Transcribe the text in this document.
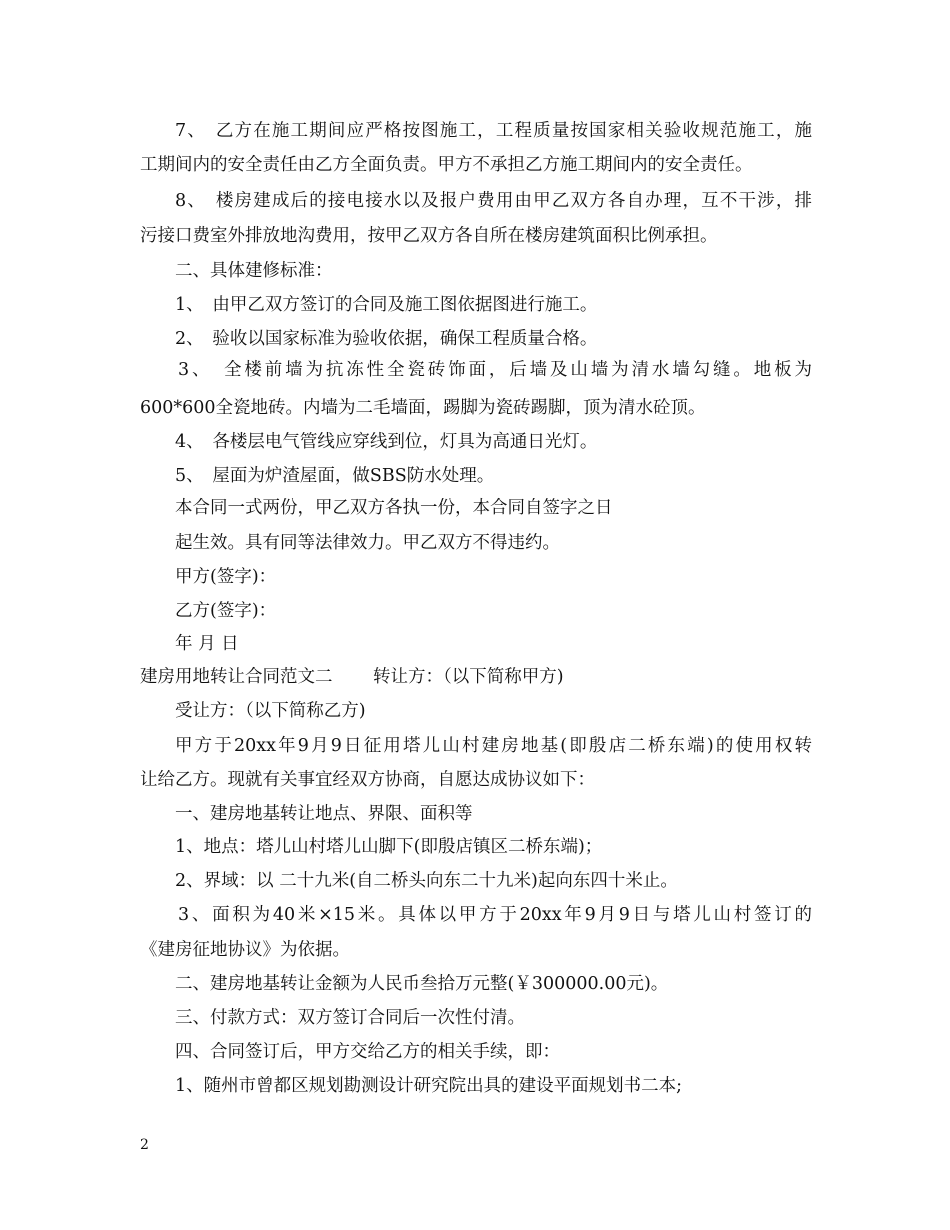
7、　乙方在施工期间应严格按图施工，工程质量按国家相关验收规范施工，施
工期间内的安全责任由乙方全面负责。甲方不承担乙方施工期间内的安全责任。
8、　楼房建成后的接电接水以及报户费用由甲乙双方各自办理，互不干涉，排
污接口费室外排放地沟费用，按甲乙双方各自所在楼房建筑面积比例承担。
二、具体建修标准：
1、　由甲乙双方签订的合同及施工图依据图进行施工。
2、　验收以国家标准为验收依据，确保工程质量合格。
3、　全楼前墙为抗冻性全瓷砖饰面，后墙及山墙为清水墙勾缝。地板为
600*600全瓷地砖。内墙为二毛墙面，踢脚为瓷砖踢脚，顶为清水砼顶。
4、　各楼层电气管线应穿线到位，灯具为高通日光灯。
5、　屋面为炉渣屋面，做SBS防水处理。
本合同一式两份，甲乙双方各执一份，本合同自签字之日
起生效。具有同等法律效力。甲乙双方不得违约。
甲方(签字)：
乙方(签字)：
年 月 日
建房用地转让合同范文二　　 转让方：（以下简称甲方)
受让方：（以下简称乙方)
甲方于20xx年9月9日征用塔儿山村建房地基(即殷店二桥东端)的使用权转
让给乙方。现就有关事宜经双方协商，自愿达成协议如下：
一、建房地基转让地点、界限、面积等
1、地点：塔儿山村塔儿山脚下(即殷店镇区二桥东端)；
2、界域：以 二十九米(自二桥头向东二十九米)起向东四十米止。
3、面积为40米×15米。具体以甲方于20xx年9月9日与塔儿山村签订的
《建房征地协议》为依据。
二、建房地基转让金额为人民币叁拾万元整(￥300000.00元)。
三、付款方式：双方签订合同后一次性付清。
四、合同签订后，甲方交给乙方的相关手续，即：
1、随州市曾都区规划勘测设计研究院出具的建设平面规划书二本;
2
